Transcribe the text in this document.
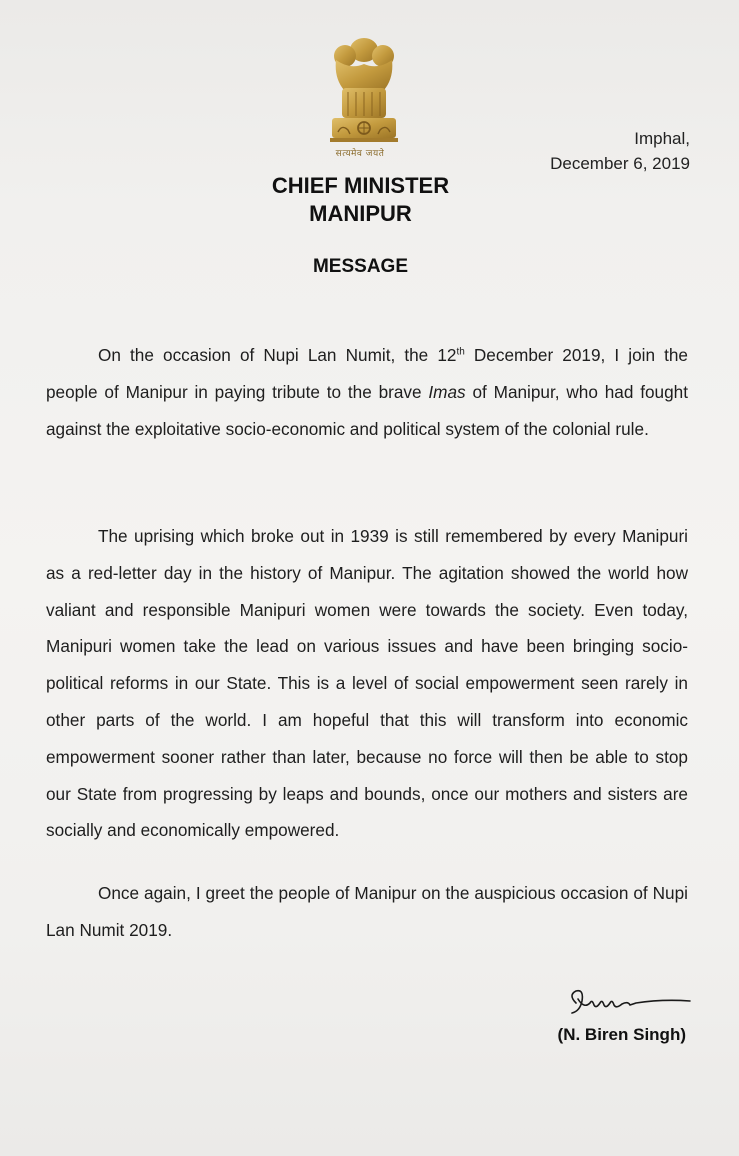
सत्यमेव जयते
Imphal,
December 6, 2019
CHIEF MINISTER
MANIPUR
MESSAGE
On the occasion of Nupi Lan Numit, the 12th December 2019, I join the people of Manipur in paying tribute to the brave Imas of Manipur, who had fought against the exploitative socio-economic and political system of the colonial rule.
The uprising which broke out in 1939 is still remembered by every Manipuri as a red-letter day in the history of Manipur. The agitation showed the world how valiant and responsible Manipuri women were towards the society. Even today, Manipuri women take the lead on various issues and have been bringing socio-political reforms in our State. This is a level of social empowerment seen rarely in other parts of the world. I am hopeful that this will transform into economic empowerment sooner rather than later, because no force will then be able to stop our State from progressing by leaps and bounds, once our mothers and sisters are socially and economically empowered.
Once again, I greet the people of Manipur on the auspicious occasion of Nupi Lan Numit 2019.
(N. Biren Singh)
